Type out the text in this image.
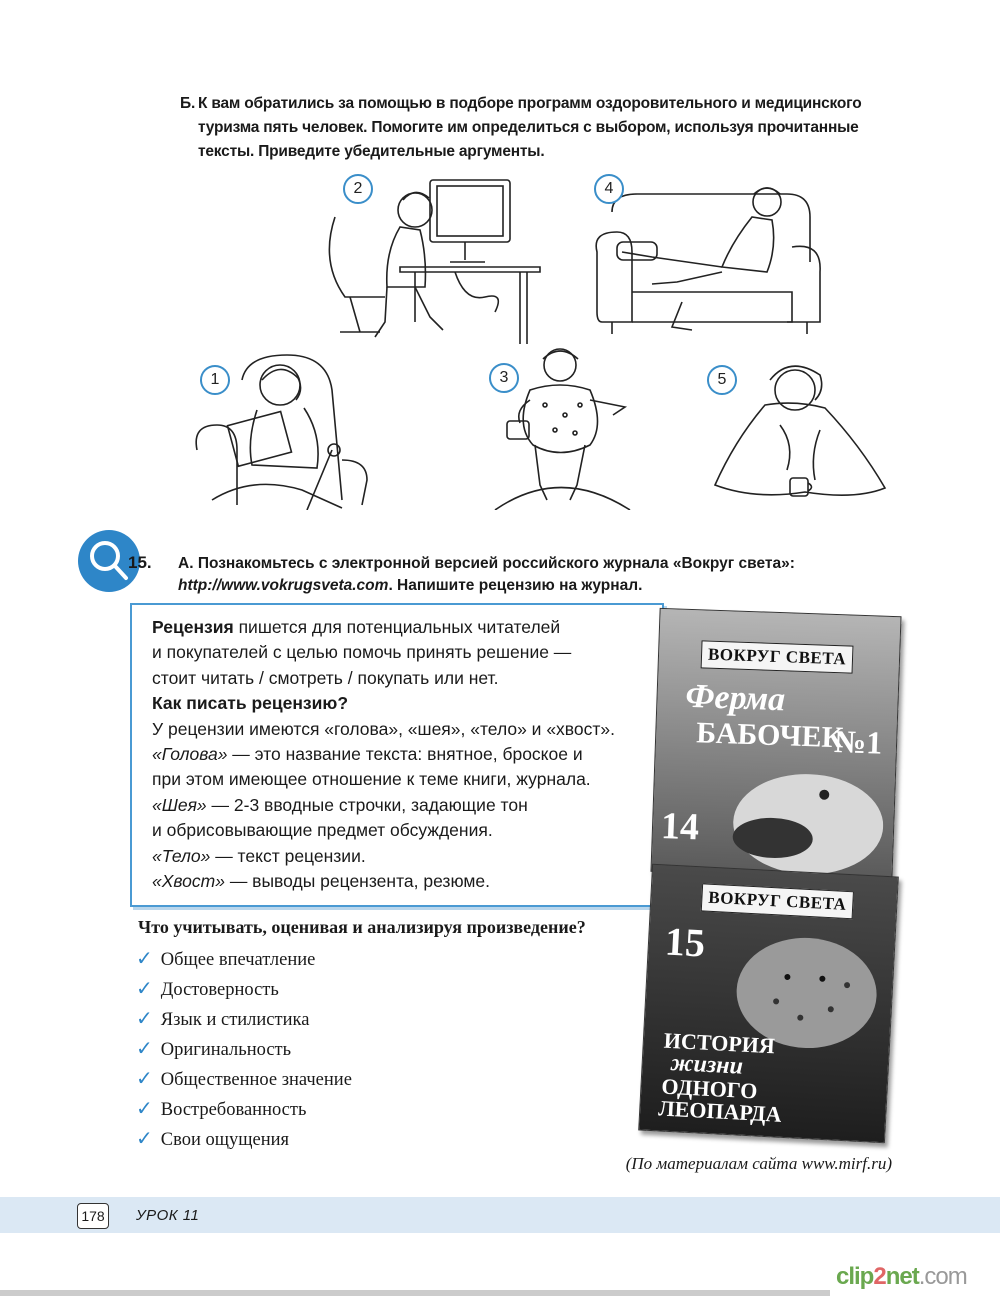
Б. К вам обратились за помощью в подборе программ оздоровительного и медицинского туризма пять человек. Помогите им определиться с выбором, используя прочитанные тексты. Приведите убедительные аргументы.
2	4
1	3	5
15. А. Познакомьтесь с электронной версией российского журнала «Вокруг света»:
http://www.vokrugsveta.com. Напишите рецензию на журнал.
Рецензия пишется для потенциальных читателей
и покупателей с целью помочь принять решение —
стоит читать / смотреть / покупать или нет.
Как писать рецензию?
У рецензии имеются «голова», «шея», «тело» и «хвост».
«Голова» — это название текста: внятное, броское и
при этом имеющее отношение к теме книги, журнала.
«Шея» — 2-3 вводные строчки, задающие тон
и обрисовывающие предмет обсуждения.
«Тело» — текст рецензии.
«Хвост» — выводы рецензента, резюме.
ВОКРУГ СВЕТА
Ферма
БАБОЧЕК
№1
14
ВОКРУГ СВЕТА
15
ИСТОРИЯ
жизни
ОДНОГО
ЛЕОПАРДА
Что учитывать, оценивая и анализируя произведение?
✓ Общее впечатление
✓ Достоверность
✓ Язык и стилистика
✓ Оригинальность
✓ Общественное значение
✓ Востребованность
✓ Свои ощущения
(По материалам сайта www.mirf.ru)
178 УРОК 11
clip2net.com
